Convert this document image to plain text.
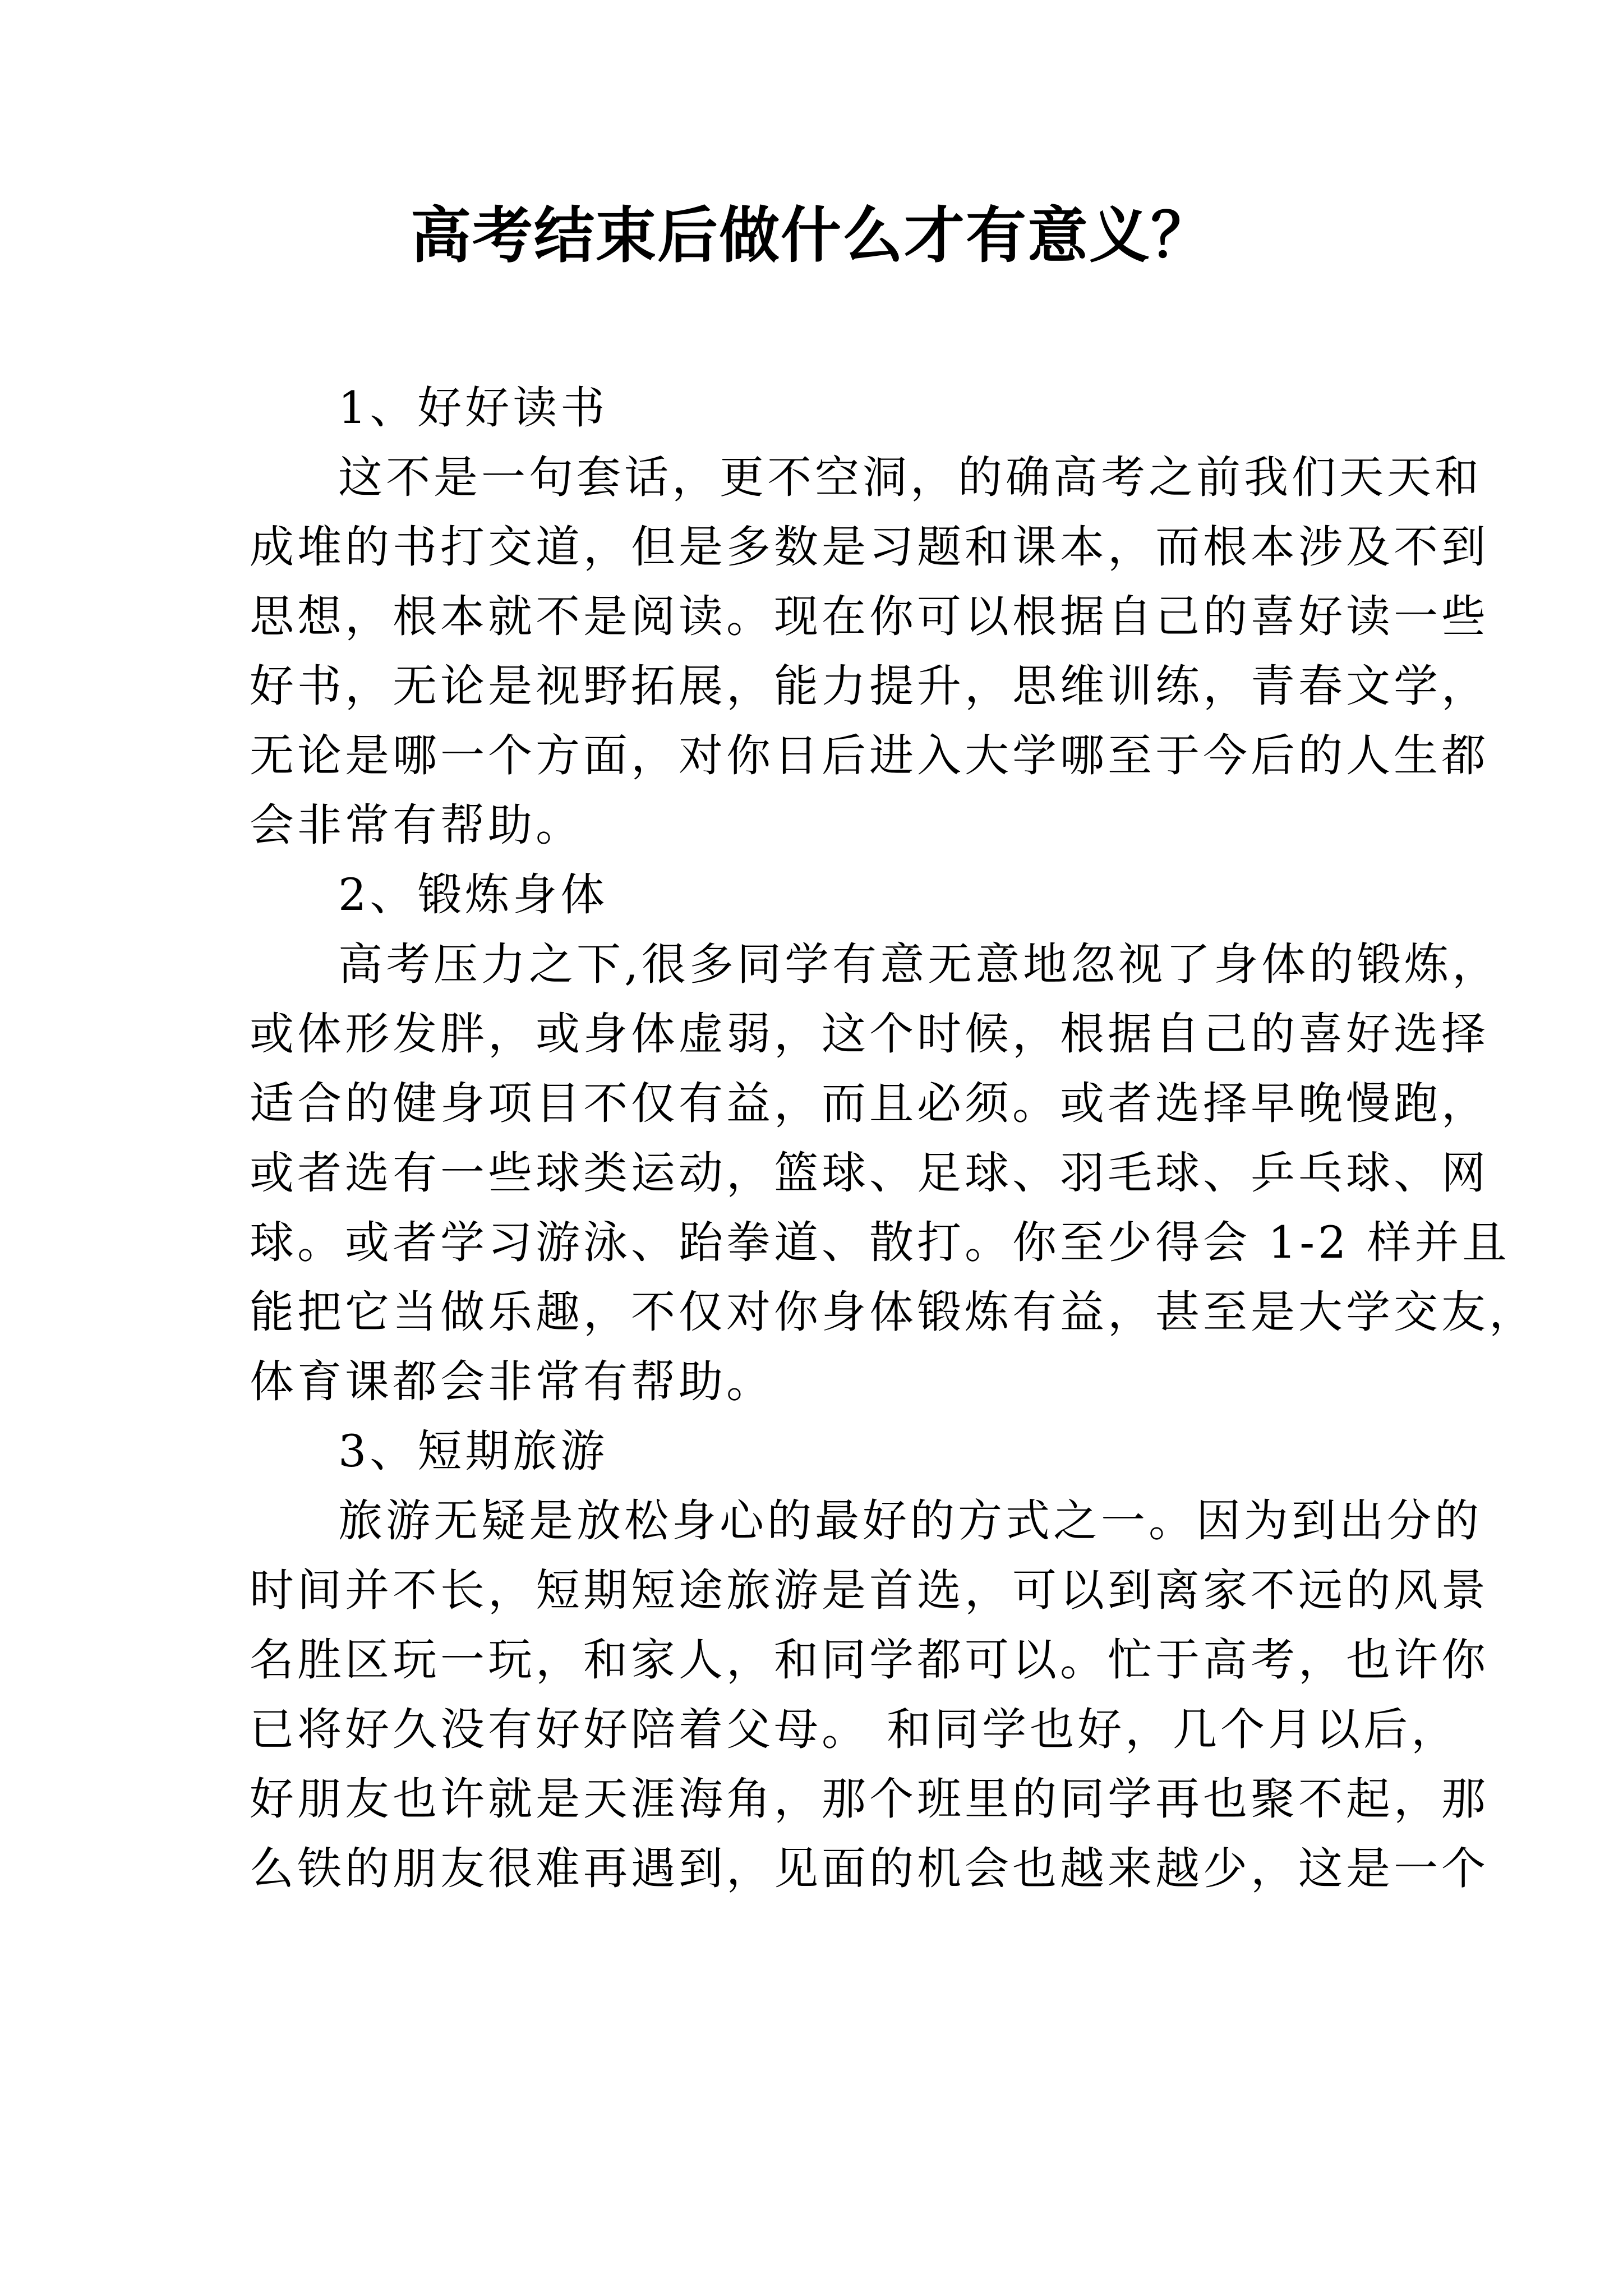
高考结束后做什么才有意义？

1、好好读书

这不是一句套话，更不空洞，的确高考之前我们天天和
成堆的书打交道，但是多数是习题和课本，而根本涉及不到
思想，根本就不是阅读。现在你可以根据自己的喜好读一些
好书，无论是视野拓展，能力提升，思维训练，青春文学，
无论是哪一个方面，对你日后进入大学哪至于今后的人生都
会非常有帮助。

2、锻炼身体

高考压力之下,很多同学有意无意地忽视了身体的锻炼，
或体形发胖，或身体虚弱，这个时候，根据自己的喜好选择
适合的健身项目不仅有益，而且必须。或者选择早晚慢跑，
或者选有一些球类运动，篮球、足球、羽毛球、乒乓球、网
球。或者学习游泳、跆拳道、散打。你至少得会 1-2 样并且
能把它当做乐趣，不仅对你身体锻炼有益，甚至是大学交友，
体育课都会非常有帮助。

3、短期旅游

旅游无疑是放松身心的最好的方式之一。因为到出分的
时间并不长，短期短途旅游是首选，可以到离家不远的风景
名胜区玩一玩，和家人，和同学都可以。忙于高考，也许你
已将好久没有好好陪着父母。 和同学也好，几个月以后，
好朋友也许就是天涯海角，那个班里的同学再也聚不起，那
么铁的朋友很难再遇到，见面的机会也越来越少，这是一个
